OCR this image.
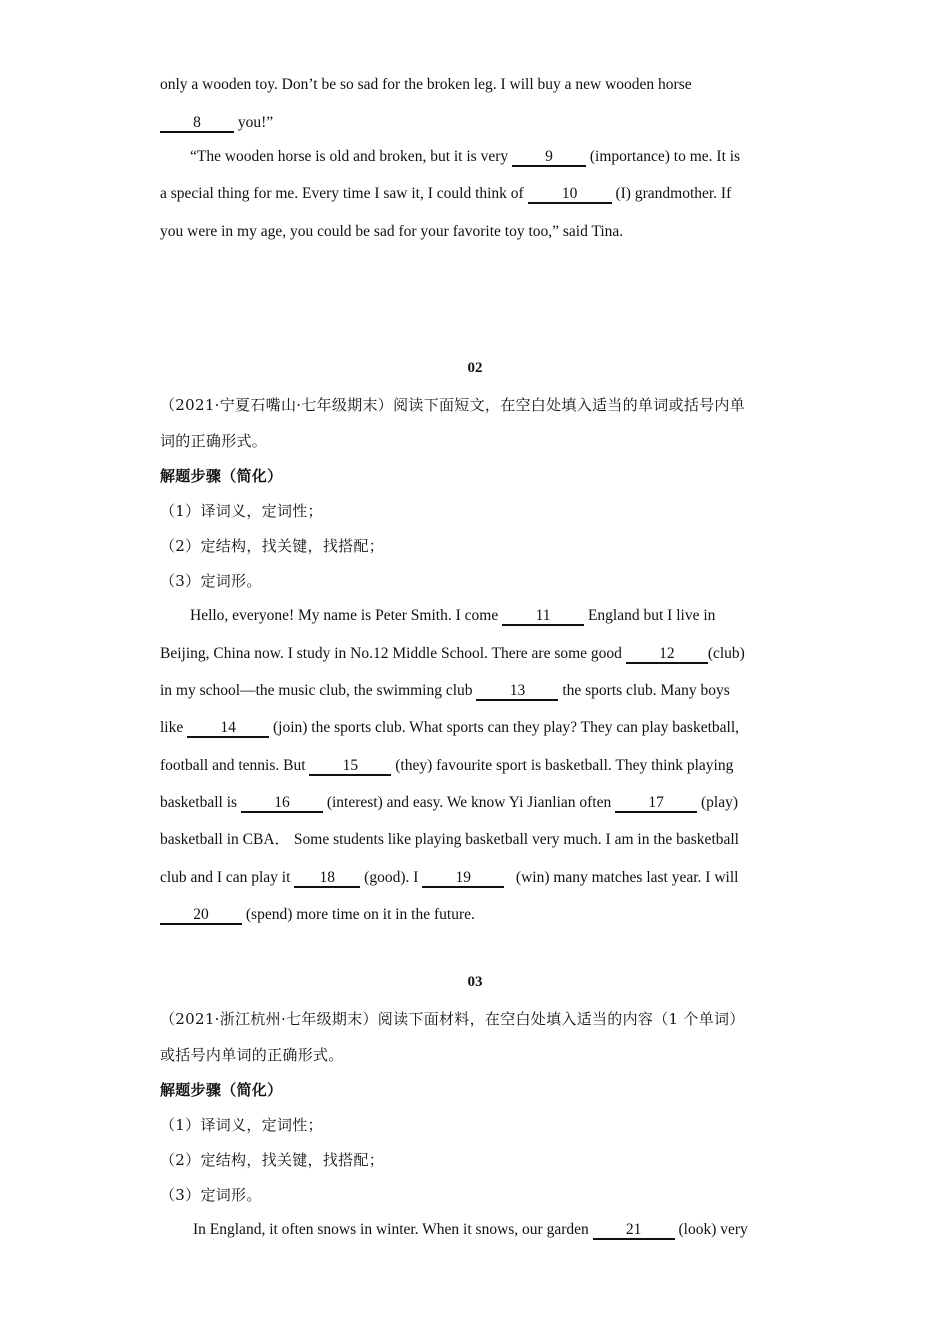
only a wooden toy. Don’t be so sad for the broken leg. I will buy a new wooden horse

8 you!”

“The wooden horse is old and broken, but it is very 9 (importance) to me. It is

a special thing for me. Every time I saw it, I could think of 10 (I) grandmother. If

you were in my age, you could be sad for your favorite toy too,” said Tina.

02

（2021·宁夏石嘴山·七年级期末）阅读下面短文，在空白处填入适当的单词或括号内单

词的正确形式。

解题步骤（简化）

（1）译词义，定词性；

（2）定结构，找关键，找搭配；

（3）定词形。

Hello, everyone! My name is Peter Smith. I come 11 England but I live in

Beijing, China now. I study in No.12 Middle School. There are some good 12 (club)

in my school—the music club, the swimming club 13 the sports club. Many boys

like 14 (join) the sports club. What sports can they play? They can play basketball,

football and tennis. But 15 (they) favourite sport is basketball. They think playing

basketball is 16 (interest) and easy. We know Yi Jianlian often 17 (play)

basketball in CBA． Some students like playing basketball very much. I am in the basketball

club and I can play it 18 (good). I 19	(win) many matches last year. I will

20 (spend) more time on it in the future.

03

（2021·浙江杭州·七年级期末）阅读下面材料，在空白处填入适当的内容（1 个单词）

或括号内单词的正确形式。

解题步骤（简化）

（1）译词义，定词性；

（2）定结构，找关键，找搭配；

（3）定词形。

In England, it often snows in winter. When it snows, our garden 21 (look) very
